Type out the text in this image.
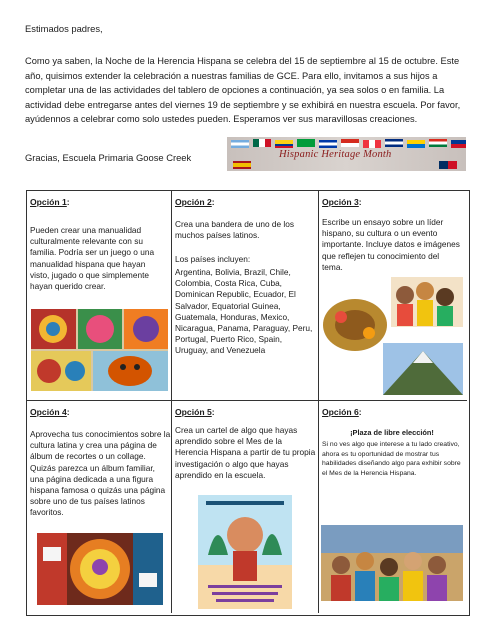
Estimados padres,
Como ya saben, la Noche de la Herencia Hispana se celebra del 15 de septiembre al 15 de octubre. Este año, quisimos extender la celebración a nuestras familias de GCE. Para ello, invitamos a sus hijos a completar una de las actividades del tablero de opciones a continuación, ya sea solos o en familia. La actividad debe entregarse antes del viernes 19 de septiembre y se exhibirá en nuestra escuela. Por favor, ayúdennos a celebrar como solo ustedes pueden. Esperamos ver sus maravillosas creaciones.
Gracias, Escuela Primaria Goose Creek	Hispanic Heritage Month
Opción 1:
Pueden crear una manualidad culturalmente relevante con su familia. Podría ser un juego o una manualidad hispana que hayan visto, jugado o que simplemente hayan querido crear.
Opción 2:
Crea una bandera de uno de los muchos países latinos.
Los países incluyen:
Argentina, Bolivia, Brazil, Chile, Colombia, Costa Rica, Cuba, Dominican Republic, Ecuador, El Salvador, Equatorial Guinea, Guatemala, Honduras, Mexico, Nicaragua, Panama, Paraguay, Peru, Portugal, Puerto Rico, Spain, Uruguay, and Venezuela
Opción 3:
Escribe un ensayo sobre un líder hispano, su cultura o un evento importante. Incluye datos e imágenes que reflejen tu conocimiento del tema.
Opción 4:
Aprovecha tus conocimientos sobre la cultura latina y crea una página de álbum de recortes o un collage. Quizás parezca un álbum familiar, una página dedicada a una figura hispana famosa o quizás una página sobre uno de tus países latinos favoritos.
Opción 5:
Crea un cartel de algo que hayas aprendido sobre el Mes de la Herencia Hispana a partir de tu propia investigación o algo que hayas aprendido en la escuela.
Opción 6:
¡Plaza de libre elección!
Si no ves algo que interese a tu lado creativo, ahora es tu oportunidad de mostrar tus habilidades diseñando algo para exhibir sobre el Mes de la Herencia Hispana.
